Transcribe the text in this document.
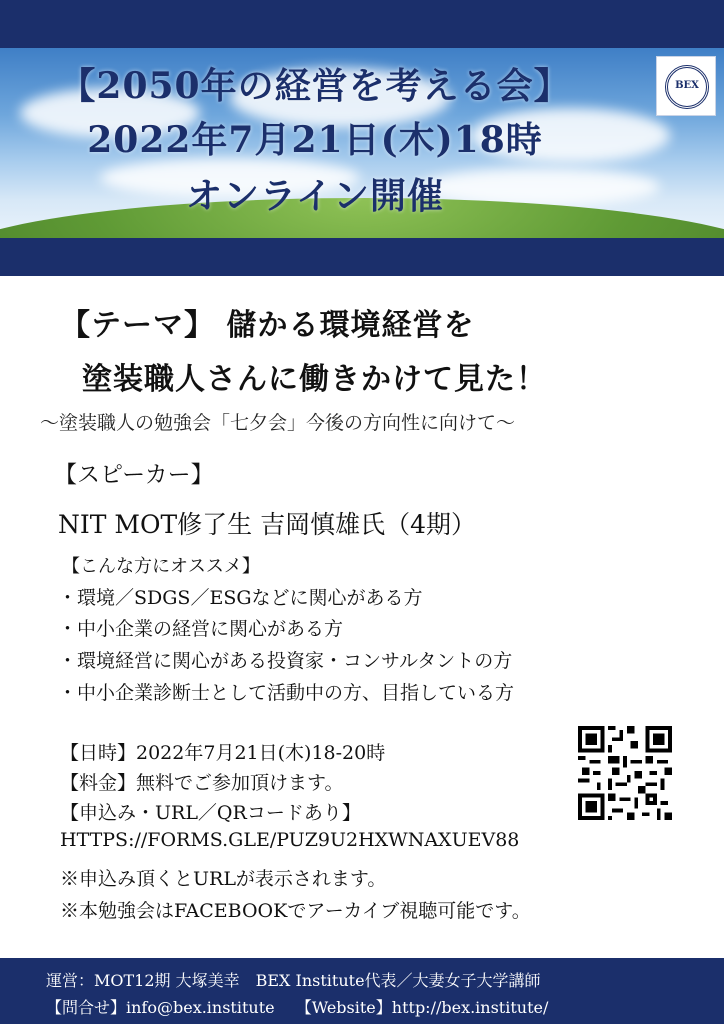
【2050年の経営を考える会】
2022年7月21日(木)18時
オンライン開催
BEX
【テーマ】 儲かる環境経営を
塗装職人さんに働きかけて見た！
〜塗装職人の勉強会「七夕会」今後の方向性に向けて〜
【スピーカー】
NIT MOT修了生 吉岡慎雄氏（4期）
【こんな方にオススメ】
・環境／SDGS／ESGなどに関心がある方
・中小企業の経営に関心がある方
・環境経営に関心がある投資家・コンサルタントの方
・中小企業診断士として活動中の方、目指している方
【日時】2022年7月21日(木)18-20時
【料金】無料でご参加頂けます。
【申込み・URL／QRコードあり】
HTTPS://FORMS.GLE/PUZ9U2HXWNAXUEV88
※申込み頂くとURLが表示されます。
※本勉強会はFACEBOOKでアーカイブ視聴可能です。
運営：MOT12期 大塚美幸　BEX Institute代表／大妻女子大学講師
【問合せ】info@bex.institute　 【Website】http://bex.institute/
